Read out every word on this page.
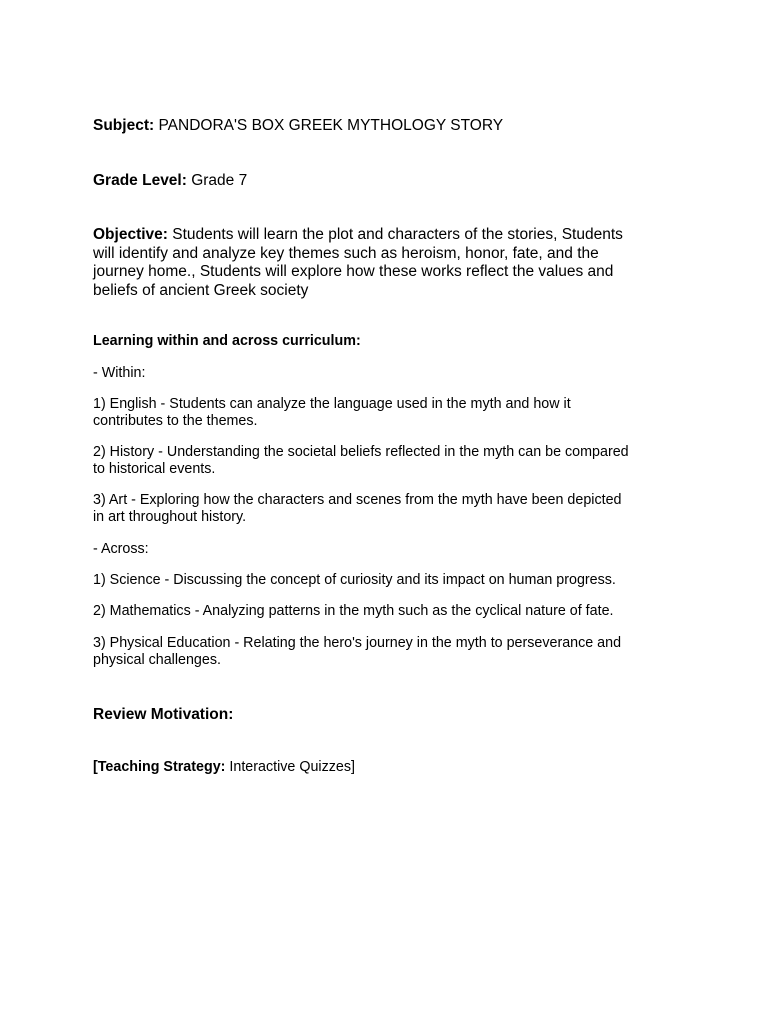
Subject: PANDORA'S BOX GREEK MYTHOLOGY STORY
Grade Level: Grade 7
Objective: Students will learn the plot and characters of the stories, Students
will identify and analyze key themes such as heroism, honor, fate, and the
journey home., Students will explore how these works reflect the values and
beliefs of ancient Greek society
Learning within and across curriculum:
- Within:
1) English - Students can analyze the language used in the myth and how it
contributes to the themes.
2) History - Understanding the societal beliefs reflected in the myth can be compared
to historical events.
3) Art - Exploring how the characters and scenes from the myth have been depicted
in art throughout history.
- Across:
1) Science - Discussing the concept of curiosity and its impact on human progress.
2) Mathematics - Analyzing patterns in the myth such as the cyclical nature of fate.
3) Physical Education - Relating the hero's journey in the myth to perseverance and
physical challenges.
Review Motivation:
[Teaching Strategy: Interactive Quizzes]
